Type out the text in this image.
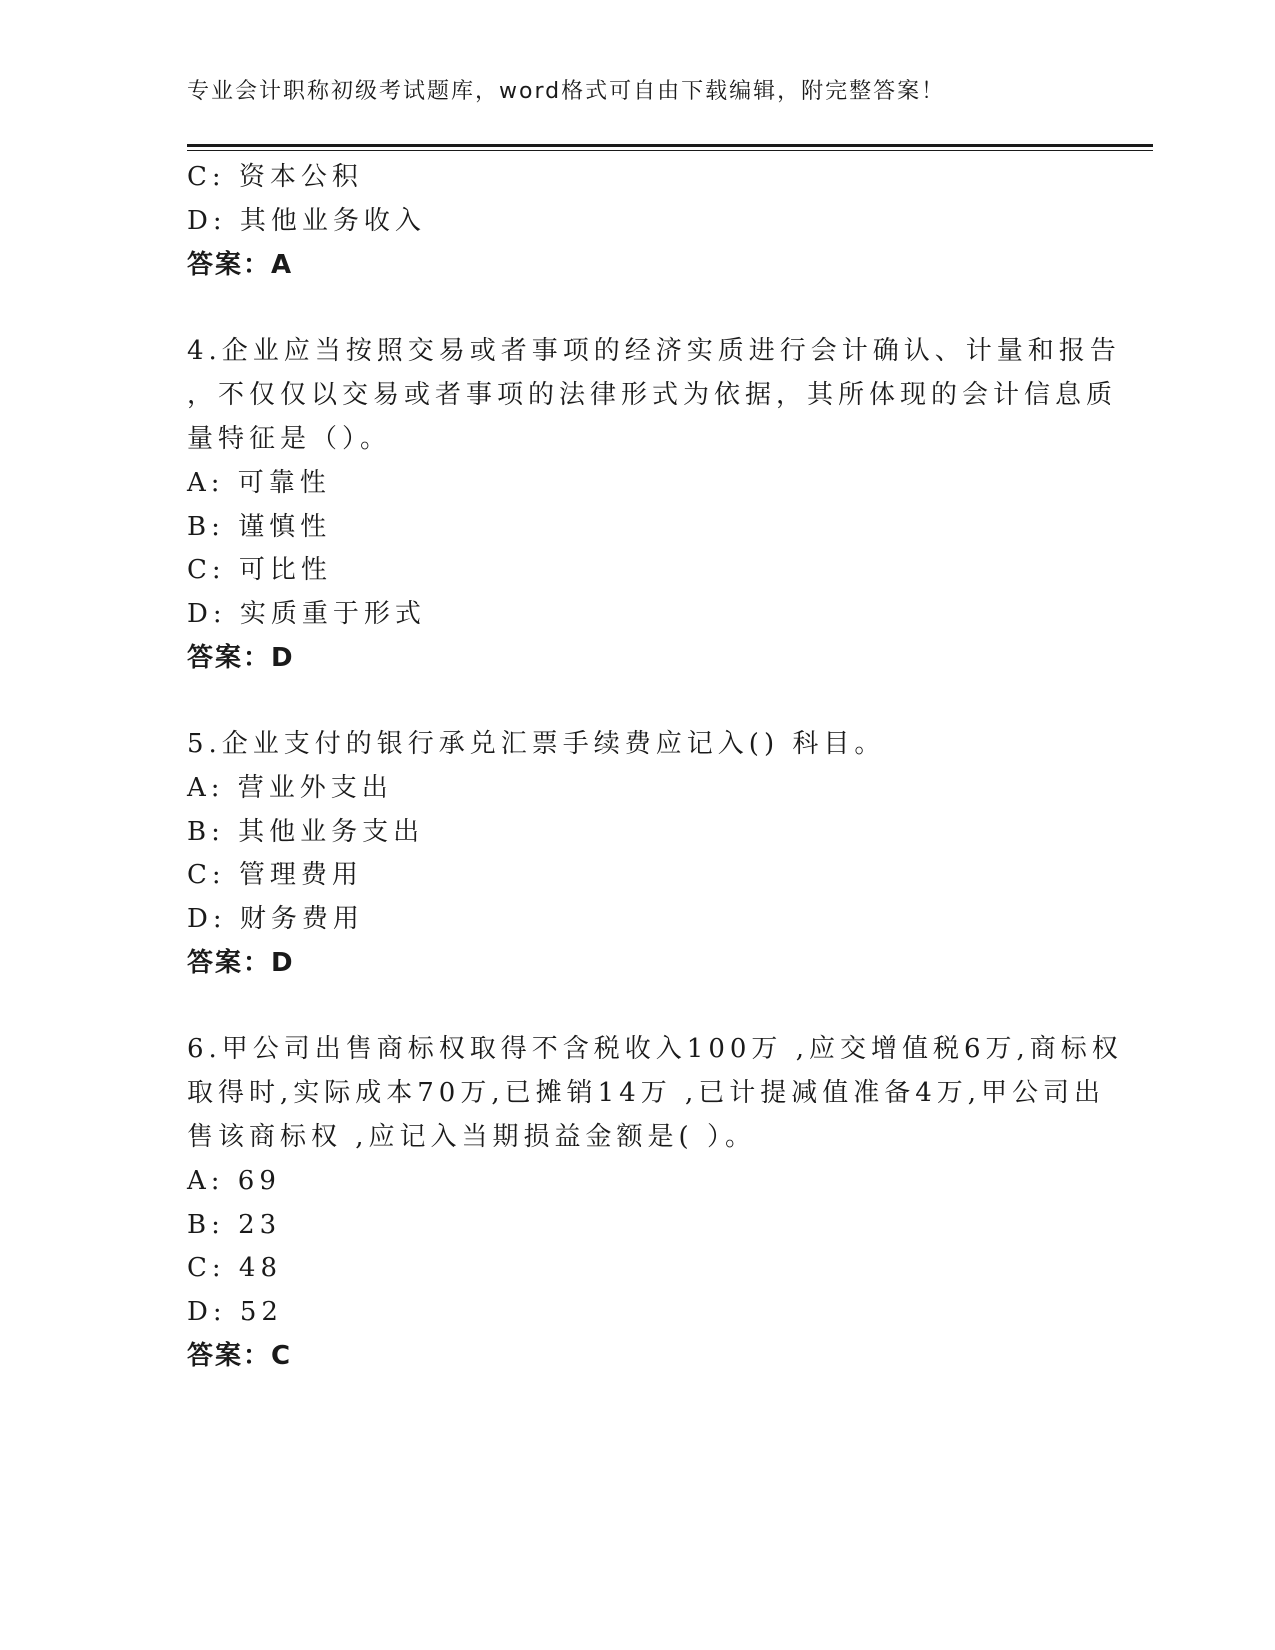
专业会计职称初级考试题库，word格式可自由下载编辑，附完整答案！
C: 资本公积
D: 其他业务收入
答案：A
4.企业应当按照交易或者事项的经济实质进行会计确认、计量和报告
，不仅仅以交易或者事项的法律形式为依据，其所体现的会计信息质
量特征是（）。
A: 可靠性
B: 谨慎性
C: 可比性
D: 实质重于形式
答案：D
5.企业支付的银行承兑汇票手续费应记入() 科目。
A: 营业外支出
B: 其他业务支出
C: 管理费用
D: 财务费用
答案：D
6.甲公司出售商标权取得不含税收入100万 ,应交增值税6万,商标权
取得时,实际成本70万,已摊销14万 ,已计提减值准备4万,甲公司出
售该商标权 ,应记入当期损益金额是( ）。
A: 69
B: 23
C: 48
D: 52
答案：C
